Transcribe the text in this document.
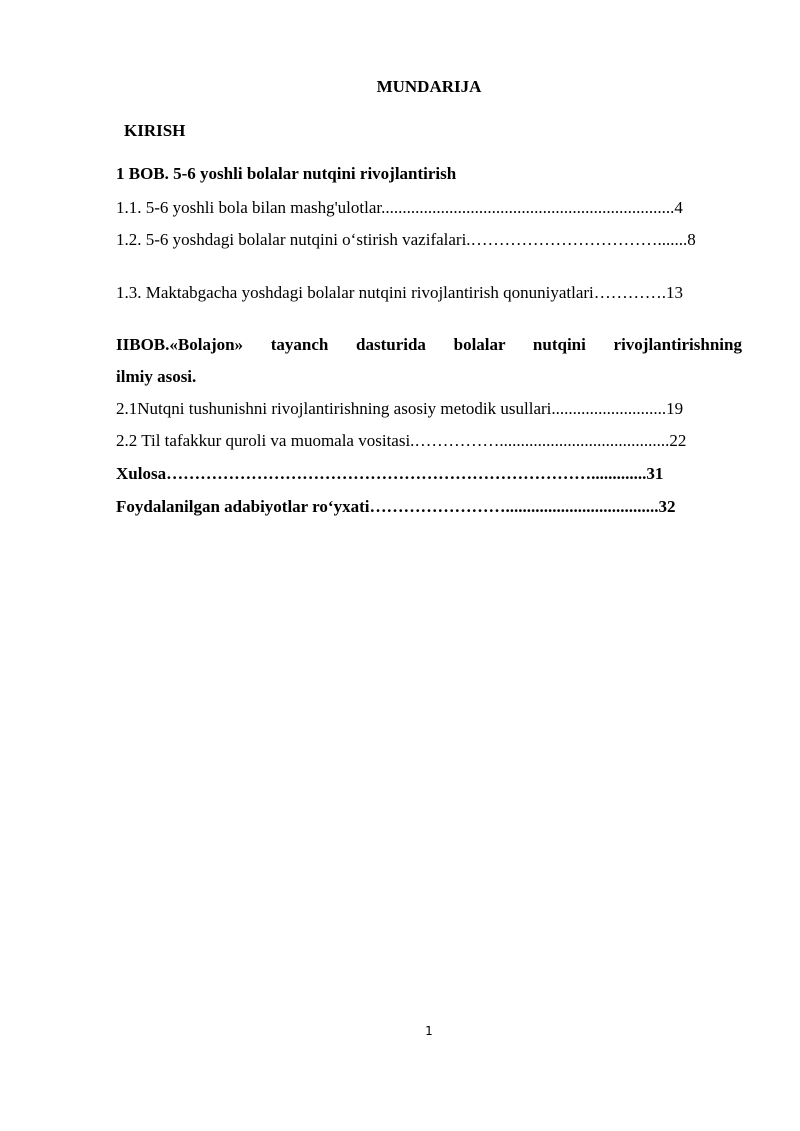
MUNDARIJA
KIRISH
1 BOB. 5-6 yoshli bolalar nutqini rivojlantirish
1.1. 5-6 yoshli bola bilan mashg'ulotlar.....................................................................4
1.2. 5-6 yoshdagi bolalar nutqini o‘stirish vazifalari.…………………………….......8
1.3. Maktabgacha yoshdagi bolalar nutqini rivojlantirish qonuniyatlari………….13
IIBOB.«Bolajon» tayanch dasturida bolalar nutqini rivojlantirishning
ilmiy asosi.
2.1Nutqni tushunishni rivojlantirishning asosiy metodik usullari...........................19
2.2 Til tafakkur quroli va muomala vositasi.……………........................................22
Xulosa………………………………………………………………….............31
Foydalanilgan adabiyotlar ro‘yxati……………………....................................32
1
